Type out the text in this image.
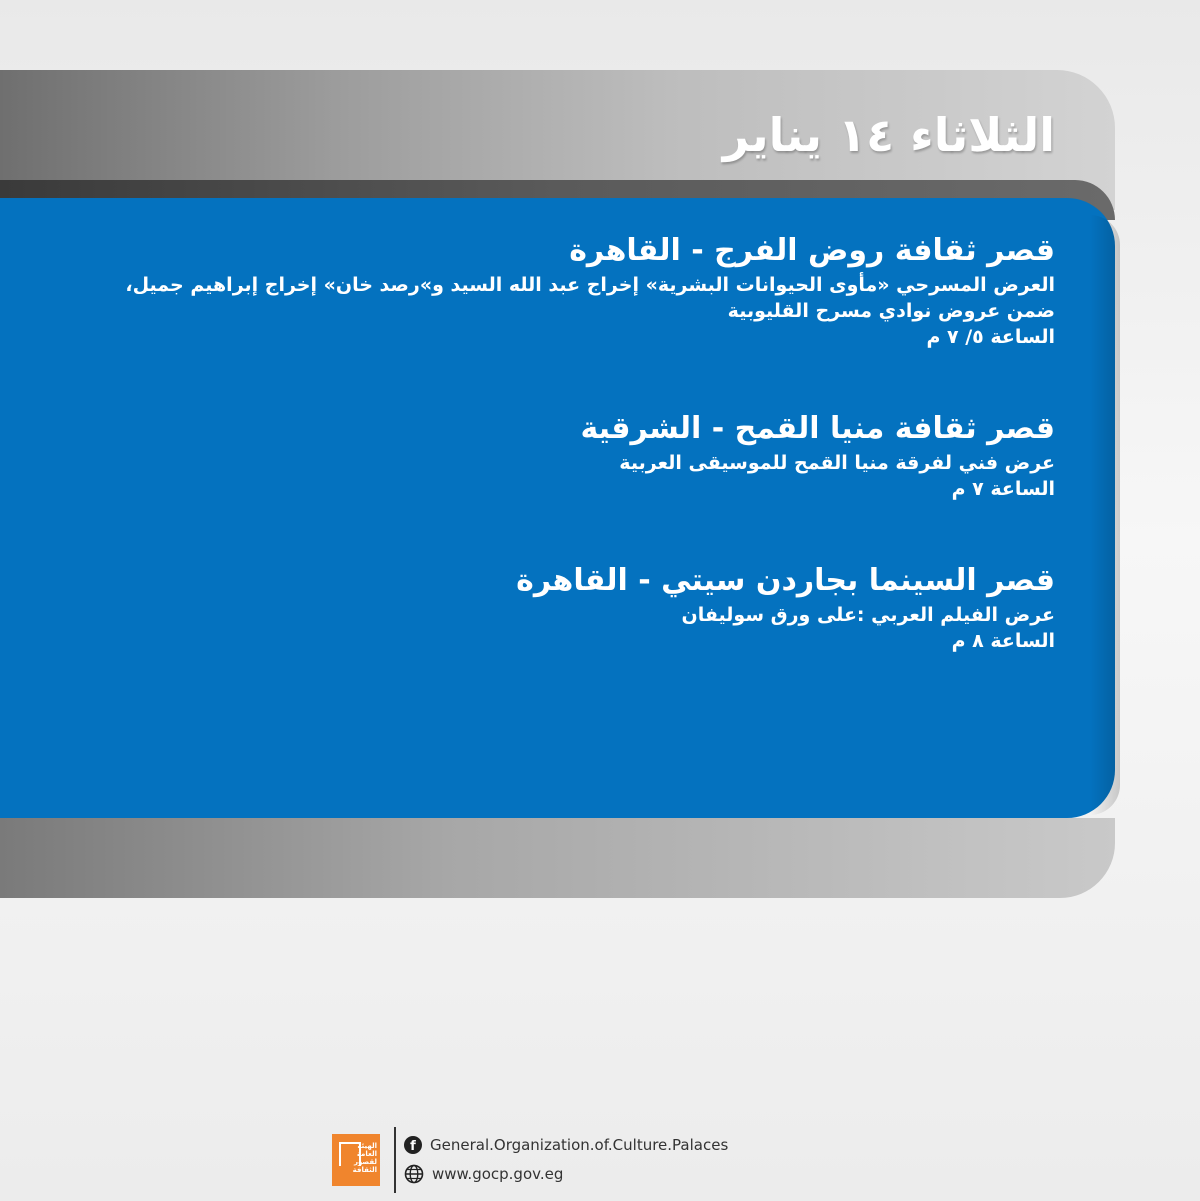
الثلاثاء ١٤ يناير

قصر ثقافة روض الفرج - القاهرة

العرض المسرحي «مأوى الحيوانات البشرية» إخراج عبد الله السيد و»رصد خان» إخراج إبراهيم جميل،

ضمن عروض نوادي مسرح القليوبية

الساعة ٥/ ٧ م

قصر ثقافة منيا القمح - الشرقية

عرض فني لفرقة منيا القمح للموسيقى العربية

الساعة ٧ م

قصر السينما بجاردن سيتي - القاهرة

عرض الفيلم العربي :على ورق سوليفان

الساعة ٨ م

الهيئة العامة لقصور الثقافة
f General.Organization.of.Culture.Palaces
www.gocp.gov.eg
